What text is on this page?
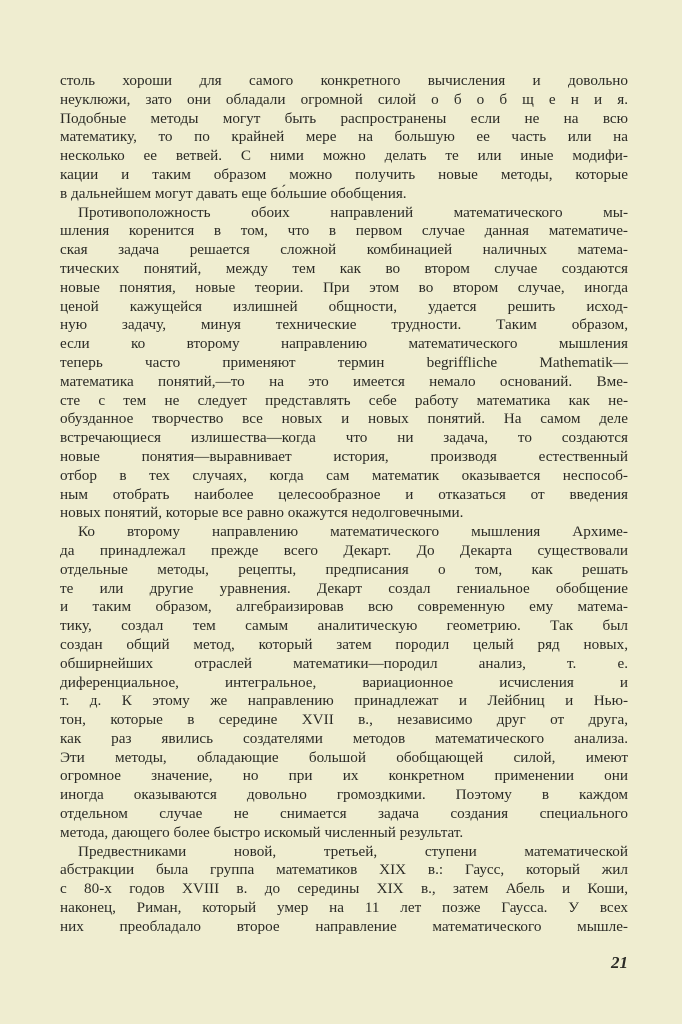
столь хороши для самого конкретного вычисления и довольно
неуклюжи, зато они обладали огромной силой о б о б щ е н и я.
Подобные методы могут быть распространены если не на всю
математику, то по крайней мере на большую ее часть или на
несколько ее ветвей. С ними можно делать те или иные модифи-
кации и таким образом можно получить новые методы, которые
в дальнейшем могут давать еще бо́льшие обобщения.
Противоположность обоих направлений математического мы-
шления коренится в том, что в первом случае данная математиче-
ская задача решается сложной комбинацией наличных матема-
тических понятий, между тем как во втором случае создаются
новые понятия, новые теории. При этом во втором случае, иногда
ценой кажущейся излишней общности, удается решить исход-
ную задачу, минуя технические трудности. Таким образом,
если ко второму направлению математического мышления
теперь часто применяют термин begriffliche Mathematik—
математика понятий,—то на это имеется немало оснований. Вме-
сте с тем не следует представлять себе работу математика как не-
обузданное творчество все новых и новых понятий. На самом деле
встречающиеся излишества—когда что ни задача, то создаются
новые понятия—выравнивает история, производя естественный
отбор в тех случаях, когда сам математик оказывается неспособ-
ным отобрать наиболее целесообразное и отказаться от введения
новых понятий, которые все равно окажутся недолговечными.
Ко второму направлению математического мышления Архиме-
да принадлежал прежде всего Декарт. До Декарта существовали
отдельные методы, рецепты, предписания о том, как решать
те или другие уравнения. Декарт создал гениальное обобщение
и таким образом, алгебраизировав всю современную ему матема-
тику, создал тем самым аналитическую геометрию. Так был
создан общий метод, который затем породил целый ряд новых,
обширнейших отраслей математики—породил анализ, т. е.
диференциальное, интегральное, вариационное исчисления и
т. д. К этому же направлению принадлежат и Лейбниц и Нью-
тон, которые в середине XVII в., независимо друг от друга,
как раз явились создателями методов математического анализа.
Эти методы, обладающие большой обобщающей силой, имеют
огромное значение, но при их конкретном применении они
иногда оказываются довольно громоздкими. Поэтому в каждом
отдельном случае не снимается задача создания специального
метода, дающего более быстро искомый численный результат.
Предвестниками новой, третьей, ступени математической
абстракции была группа математиков XIX в.: Гаусс, который жил
с 80-х годов XVIII в. до середины XIX в., затем Абель и Коши,
наконец, Риман, который умер на 11 лет позже Гаусса. У всех
них преобладало второе направление математического мышле-
21
